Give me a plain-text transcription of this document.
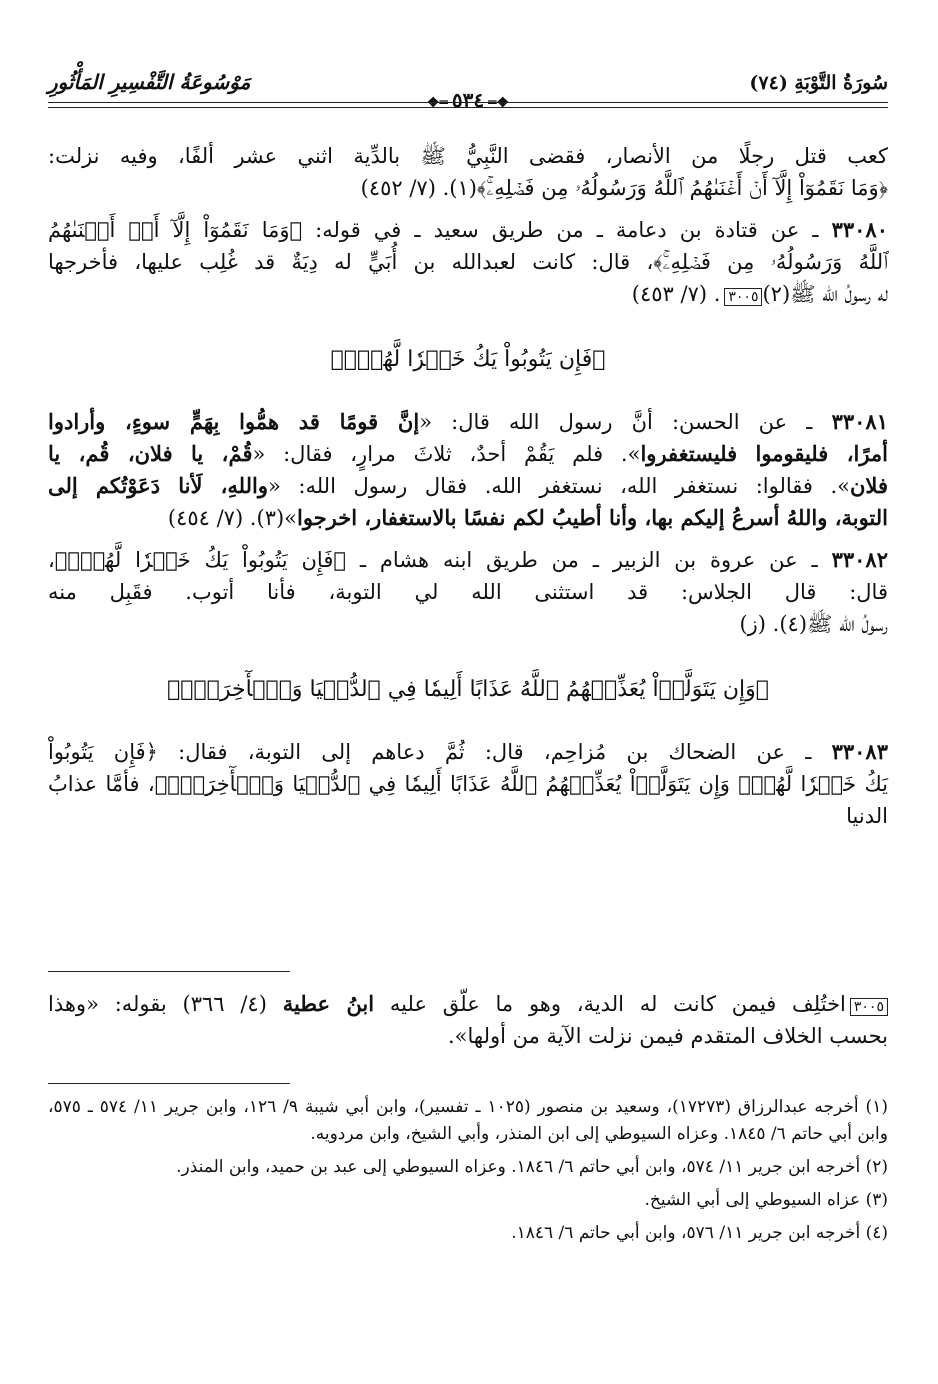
سُورَةُ التَّوْبَةِ (٧٤)
❖═٥٣٤═❖
مَوْسُوعَةُ التَّفْسِيرِ المَأْثُورِ

كعب قتل رجلًا من الأنصار، فقضى النَّبِيُّ ﷺ بالدِّية اثني عشر ألفًا، وفيه نزلت:

﴿وَمَا نَقَمُوٓاْ إِلَّآ أَنۡ أَغۡنَىٰهُمُ ٱللَّهُ وَرَسُولُهُۥ مِن فَضۡلِهِۦۚ﴾(١). (٧/ ٤٥٢)

٣٣٠٨٠ ـ عن قتادة بن دعامة ـ من طريق سعيد ـ في قوله: ﴿وَمَا نَقَمُوٓاْ إِلَّآ أَنۡ أَغۡنَىٰهُمُ

ٱللَّهُ وَرَسُولُهُۥ مِن فَضۡلِهِۦۚ﴾، قال: كانت لعبدالله بن أُبَيٍّ له دِيَةٌ قد غُلِب عليها، فأخرجها

له رسولُ الله ﷺ(٢)٣٠٠٥. (٧/ ٤٥٣)

﴿فَإِن يَتُوبُواْ يَكُ خَيۡرٗا لَّهُمۡۖ﴾

٣٣٠٨١ ـ عن الحسن: أنَّ رسول الله قال: «إنَّ قومًا قد همُّوا بِهَمٍّ سوءٍ، وأرادوا

أمرًا، فليقوموا فليستغفروا». فلم يَقُمْ أحدٌ، ثلاثَ مرارٍ، فقال: «قُمْ، يا فلان، قُم، يا

فلان». فقالوا: نستغفر الله، نستغفر الله. فقال رسول الله: «واللهِ، لَأنا دَعَوْتُكم إلى

التوبة، واللهُ أسرعُ إليكم بها، وأنا أطيبُ لكم نفسًا بالاستغفار، اخرجوا»(٣). (٧/ ٤٥٤)

٣٣٠٨٢ ـ عن عروة بن الزبير ـ من طريق ابنه هشام ـ ﴿فَإِن يَتُوبُواْ يَكُ خَيۡرٗا لَّهُمۡۖ﴾،

قال: قال الجلاس: قد استثنى الله لي التوبة، فأنا أتوب. فقَبِل منه

رسولُ الله ﷺ(٤). (ز)

﴿وَإِن يَتَوَلَّوۡاْ يُعَذِّبۡهُمُ ٱللَّهُ عَذَابًا أَلِيمٗا فِي ٱلدُّنۡيَا وَٱلۡأٓخِرَةِۚ﴾

٣٣٠٨٣ ـ عن الضحاك بن مُزاحِم، قال: ثُمَّ دعاهم إلى التوبة، فقال: ﴿فَإِن يَتُوبُواْ

يَكُ خَيۡرٗا لَّهُمۡۖ وَإِن يَتَوَلَّوۡاْ يُعَذِّبۡهُمُ ٱللَّهُ عَذَابًا أَلِيمٗا فِي ٱلدُّنۡيَا وَٱلۡأٓخِرَةِۚ﴾، فأمَّا عذابُ الدنيا

٣٠٠٥اختُلِف فيمن كانت له الدية، وهو ما علّق عليه ابنُ عطية (٤/ ٣٦٦) بقوله: «وهذا

بحسب الخلاف المتقدم فيمن نزلت الآية من أولها».

(١) أخرجه عبدالرزاق (١٧٢٧٣)، وسعيد بن منصور (١٠٢٥ ـ تفسير)، وابن أبي شيبة ٩/ ١٢٦، وابن جرير ١١/ ٥٧٤ ـ ٥٧٥، وابن أبي حاتم ٦/ ١٨٤٥. وعزاه السيوطي إلى ابن المنذر، وأبي الشيخ، وابن مردويه.

(٢) أخرجه ابن جرير ١١/ ٥٧٤، وابن أبي حاتم ٦/ ١٨٤٦. وعزاه السيوطي إلى عبد بن حميد، وابن المنذر.

(٣) عزاه السيوطي إلى أبي الشيخ.

(٤) أخرجه ابن جرير ١١/ ٥٧٦، وابن أبي حاتم ٦/ ١٨٤٦.
